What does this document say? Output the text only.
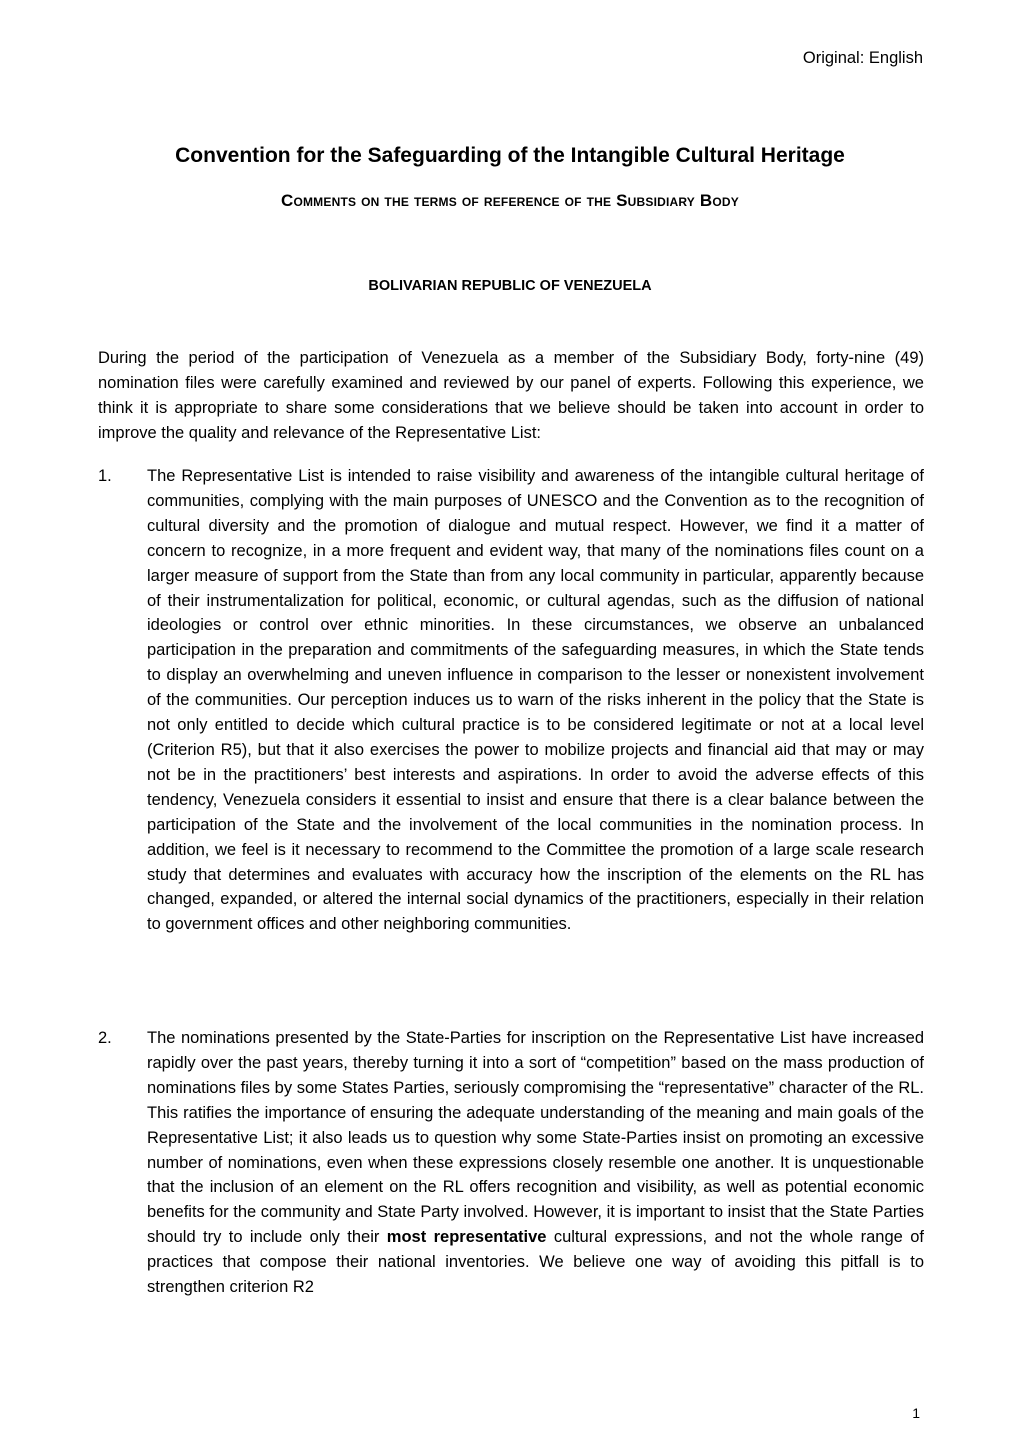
Original: English
Convention for the Safeguarding of the Intangible Cultural Heritage
Comments on the terms of reference of the Subsidiary Body
BOLIVARIAN REPUBLIC OF VENEZUELA

During the period of the participation of Venezuela as a member of the Subsidiary Body, forty-nine (49) nomination files were carefully examined and reviewed by our panel of experts. Following this experience, we think it is appropriate to share some considerations that we believe should be taken into account in order to improve the quality and relevance of the Representative List:

1. The Representative List is intended to raise visibility and awareness of the intangible cultural heritage of communities, complying with the main purposes of UNESCO and the Convention as to the recognition of cultural diversity and the promotion of dialogue and mutual respect. However, we find it a matter of concern to recognize, in a more frequent and evident way, that many of the nominations files count on a larger measure of support from the State than from any local community in particular, apparently because of their instrumentalization for political, economic, or cultural agendas, such as the diffusion of national ideologies or control over ethnic minorities. In these circumstances, we observe an unbalanced participation in the preparation and commitments of the safeguarding measures, in which the State tends to display an overwhelming and uneven influence in comparison to the lesser or nonexistent involvement of the communities. Our perception induces us to warn of the risks inherent in the policy that the State is not only entitled to decide which cultural practice is to be considered legitimate or not at a local level (Criterion R5), but that it also exercises the power to mobilize projects and financial aid that may or may not be in the practitioners’ best interests and aspirations. In order to avoid the adverse effects of this tendency, Venezuela considers it essential to insist and ensure that there is a clear balance between the participation of the State and the involvement of the local communities in the nomination process. In addition, we feel is it necessary to recommend to the Committee the promotion of a large scale research study that determines and evaluates with accuracy how the inscription of the elements on the RL has changed, expanded, or altered the internal social dynamics of the practitioners, especially in their relation to government offices and other neighboring communities.
2. The nominations presented by the State-Parties for inscription on the Representative List have increased rapidly over the past years, thereby turning it into a sort of “competition” based on the mass production of nominations files by some States Parties, seriously compromising the “representative” character of the RL. This ratifies the importance of ensuring the adequate understanding of the meaning and main goals of the Representative List; it also leads us to question why some State-Parties insist on promoting an excessive number of nominations, even when these expressions closely resemble one another. It is unquestionable that the inclusion of an element on the RL offers recognition and visibility, as well as potential economic benefits for the community and State Party involved. However, it is important to insist that the State Parties should try to include only their most representative cultural expressions, and not the whole range of practices that compose their national inventories. We believe one way of avoiding this pitfall is to strengthen criterion R2
1
